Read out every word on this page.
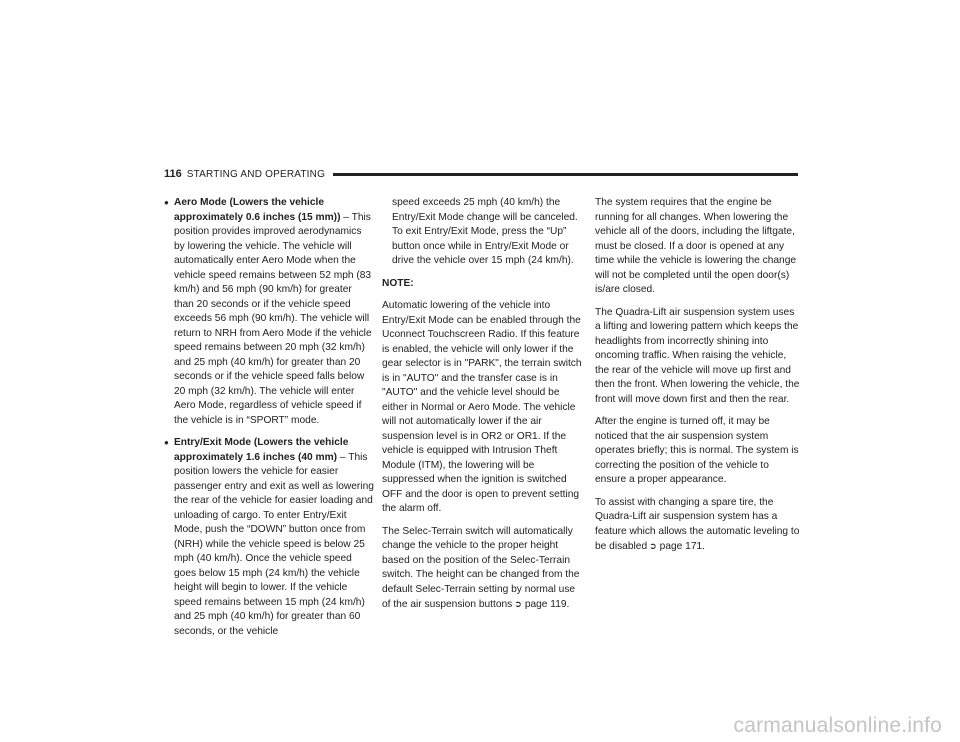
116 STARTING AND OPERATING
● Aero Mode (Lowers the vehicle approximately 0.6 inches (15 mm)) – This position provides improved aerodynamics by lowering the vehicle. The vehicle will automatically enter Aero Mode when the vehicle speed remains between 52 mph (83 km/h) and 56 mph (90 km/h) for greater than 20 seconds or if the vehicle speed exceeds 56 mph (90 km/h). The vehicle will return to NRH from Aero Mode if the vehicle speed remains between 20 mph (32 km/h) and 25 mph (40 km/h) for greater than 20 seconds or if the vehicle speed falls below 20 mph (32 km/h). The vehicle will enter Aero Mode, regardless of vehicle speed if the vehicle is in “SPORT” mode.
● Entry/Exit Mode (Lowers the vehicle approximately 1.6 inches (40 mm) – This position lowers the vehicle for easier passenger entry and exit as well as lowering the rear of the vehicle for easier loading and unloading of cargo. To enter Entry/Exit Mode, push the “DOWN” button once from (NRH) while the vehicle speed is below 25 mph (40 km/h). Once the vehicle speed goes below 15 mph (24 km/h) the vehicle height will begin to lower. If the vehicle speed remains between 15 mph (24 km/h) and 25 mph (40 km/h) for greater than 60 seconds, or the vehicle
speed exceeds 25 mph (40 km/h) the Entry/Exit Mode change will be canceled. To exit Entry/Exit Mode, press the “Up” button once while in Entry/Exit Mode or drive the vehicle over 15 mph (24 km/h).

NOTE:

Automatic lowering of the vehicle into Entry/Exit Mode can be enabled through the Uconnect Touchscreen Radio. If this feature is enabled, the vehicle will only lower if the gear selector is in "PARK", the terrain switch is in "AUTO" and the transfer case is in "AUTO" and the vehicle level should be either in Normal or Aero Mode. The vehicle will not automatically lower if the air suspension level is in OR2 or OR1. If the vehicle is equipped with Intrusion Theft Module (ITM), the lowering will be suppressed when the ignition is switched OFF and the door is open to prevent setting the alarm off.

The Selec-Terrain switch will automatically change the vehicle to the proper height based on the position of the Selec-Terrain switch. The height can be changed from the default Selec-Terrain setting by normal use of the air suspension buttons ➲ page 119.

The system requires that the engine be running for all changes. When lowering the vehicle all of the doors, including the liftgate, must be closed. If a door is opened at any time while the vehicle is lowering the change will not be completed until the open door(s) is/are closed.

The Quadra-Lift air suspension system uses a lifting and lowering pattern which keeps the headlights from incorrectly shining into oncoming traffic. When raising the vehicle, the rear of the vehicle will move up first and then the front. When lowering the vehicle, the front will move down first and then the rear.

After the engine is turned off, it may be noticed that the air suspension system operates briefly; this is normal. The system is correcting the position of the vehicle to ensure a proper appearance.

To assist with changing a spare tire, the Quadra-Lift air suspension system has a feature which allows the automatic leveling to be disabled ➲ page 171.

carmanualsonline.info
